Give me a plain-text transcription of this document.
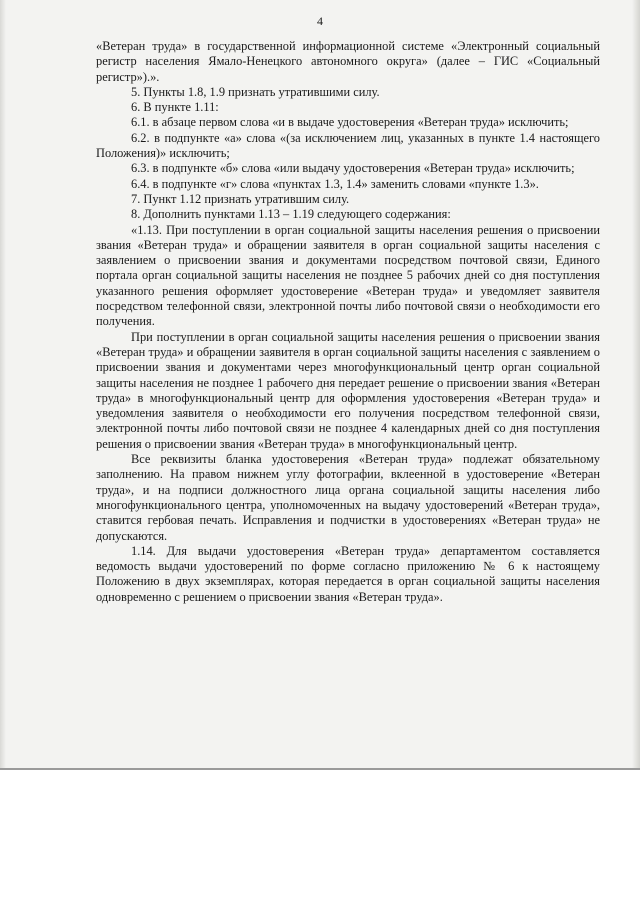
4

«Ветеран труда» в государственной информационной системе «Электронный социальный регистр населения Ямало-Ненецкого автономного округа» (далее – ГИС «Социальный регистр»).».

5. Пункты 1.8, 1.9 признать утратившими силу.

6. В пункте 1.11:

6.1. в абзаце первом слова «и в выдаче удостоверения «Ветеран труда» исключить;

6.2. в подпункте «а» слова «(за исключением лиц, указанных в пункте 1.4 настоящего Положения)» исключить;

6.3. в подпункте «б» слова «или выдачу удостоверения «Ветеран труда» исключить;

6.4. в подпункте «г» слова «пунктах 1.3, 1.4» заменить словами «пункте 1.3».

7. Пункт 1.12 признать утратившим силу.

8. Дополнить пунктами 1.13 – 1.19 следующего содержания:

«1.13. При поступлении в орган социальной защиты населения решения о присвоении звания «Ветеран труда» и обращении заявителя в орган социальной защиты населения с заявлением о присвоении звания и документами посредством почтовой связи, Единого портала орган социальной защиты населения не позднее 5 рабочих дней со дня поступления указанного решения оформляет удостоверение «Ветеран труда» и уведомляет заявителя посредством телефонной связи, электронной почты либо почтовой связи о необходимости его получения.

При поступлении в орган социальной защиты населения решения о присвоении звания «Ветеран труда» и обращении заявителя в орган социальной защиты населения с заявлением о присвоении звания и документами через многофункциональный центр орган социальной защиты населения не позднее 1 рабочего дня передает решение о присвоении звания «Ветеран труда» в многофункциональный центр для оформления удостоверения «Ветеран труда» и уведомления заявителя о необходимости его получения посредством телефонной связи, электронной почты либо почтовой связи не позднее 4 календарных дней со дня поступления решения о присвоении звания «Ветеран труда» в многофункциональный центр.

Все реквизиты бланка удостоверения «Ветеран труда» подлежат обязательному заполнению. На правом нижнем углу фотографии, вклеенной в удостоверение «Ветеран труда», и на подписи должностного лица органа социальной защиты населения либо многофункционального центра, уполномоченных на выдачу удостоверений «Ветеран труда», ставится гербовая печать. Исправления и подчистки в удостоверениях «Ветеран труда» не допускаются.

1.14. Для выдачи удостоверения «Ветеран труда» департаментом составляется ведомость выдачи удостоверений по форме согласно приложению № 6 к настоящему Положению в двух экземплярах, которая передается в орган социальной защиты населения одновременно с решением о присвоении звания «Ветеран труда».
